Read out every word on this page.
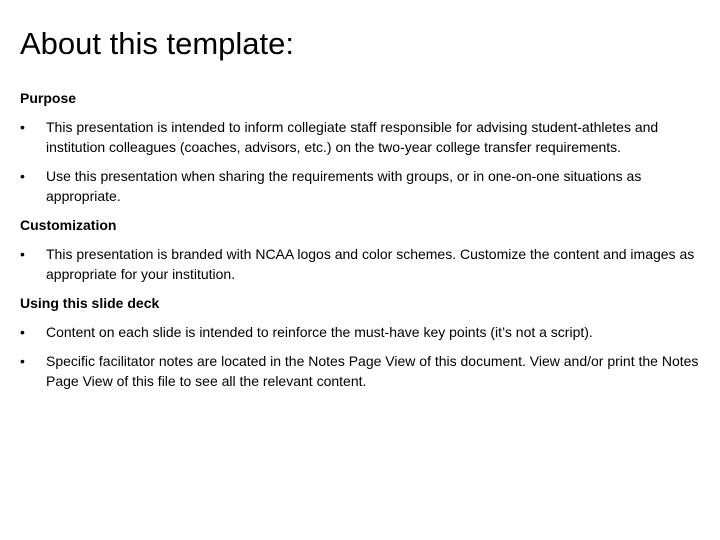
About this template:
Purpose
•	This presentation is intended to inform collegiate staff responsible for advising student-athletes and institution colleagues (coaches, advisors, etc.) on the two-year college transfer requirements.
•	Use this presentation when sharing the requirements with groups, or in one-on-one situations as appropriate.
Customization
•	This presentation is branded with NCAA logos and color schemes. Customize the content and images as appropriate for your institution.
Using this slide deck
•	Content on each slide is intended to reinforce the must-have key points (it’s not a script).
•	Specific facilitator notes are located in the Notes Page View of this document. View and/or print the Notes Page View of this file to see all the relevant content.
